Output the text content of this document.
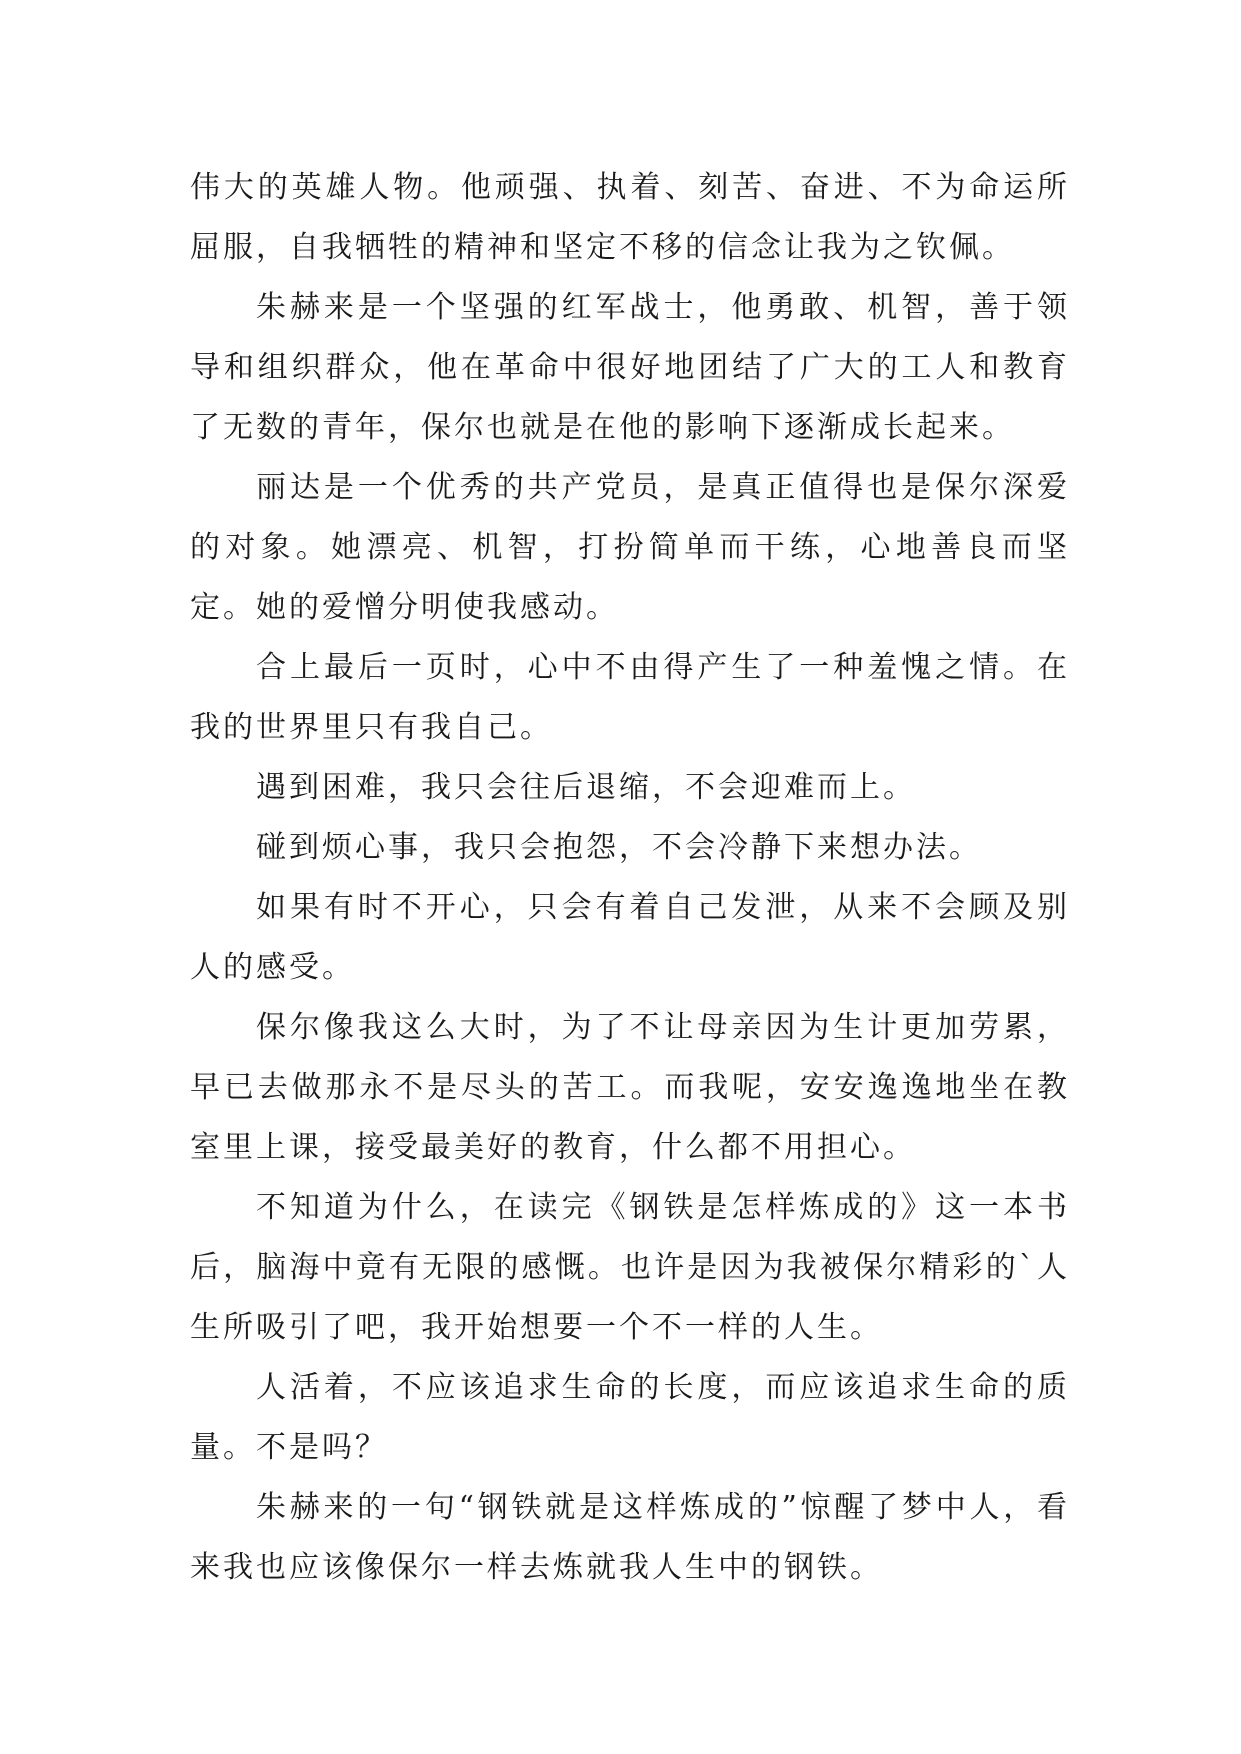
伟大的英雄人物。他顽强、执着、刻苦、奋进、不为命运所屈服，自我牺牲的精神和坚定不移的信念让我为之钦佩。

朱赫来是一个坚强的红军战士，他勇敢、机智，善于领导和组织群众，他在革命中很好地团结了广大的工人和教育了无数的青年，保尔也就是在他的影响下逐渐成长起来。

丽达是一个优秀的共产党员，是真正值得也是保尔深爱的对象。她漂亮、机智，打扮简单而干练，心地善良而坚定。她的爱憎分明使我感动。

合上最后一页时，心中不由得产生了一种羞愧之情。在我的世界里只有我自己。

遇到困难，我只会往后退缩，不会迎难而上。

碰到烦心事，我只会抱怨，不会冷静下来想办法。

如果有时不开心，只会有着自己发泄，从来不会顾及别人的感受。

保尔像我这么大时，为了不让母亲因为生计更加劳累，早已去做那永不是尽头的苦工。而我呢，安安逸逸地坐在教室里上课，接受最美好的教育，什么都不用担心。

不知道为什么，在读完《钢铁是怎样炼成的》这一本书后，脑海中竟有无限的感慨。也许是因为我被保尔精彩的`人生所吸引了吧，我开始想要一个不一样的人生。

人活着，不应该追求生命的长度，而应该追求生命的质量。不是吗？

朱赫来的一句“钢铁就是这样炼成的”惊醒了梦中人，看来我也应该像保尔一样去炼就我人生中的钢铁。
